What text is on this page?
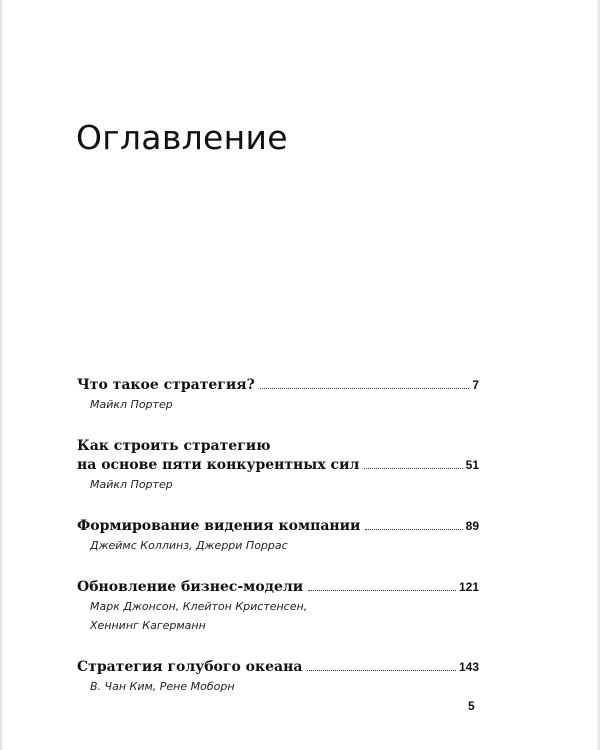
Оглавление
Что такое стратегия?	7
Майкл Портер
Как строить стратегию
на основе пяти конкурентных сил	51
Майкл Портер
Формирование видения компании	89
Джеймс Коллинз, Джерри Поррас
Обновление бизнес-модели	121
Марк Джонсон, Клейтон Кристенсен,
Хеннинг Кагерманн
Стратегия голубого океана	143
В. Чан Ким, Рене Моборн
5
